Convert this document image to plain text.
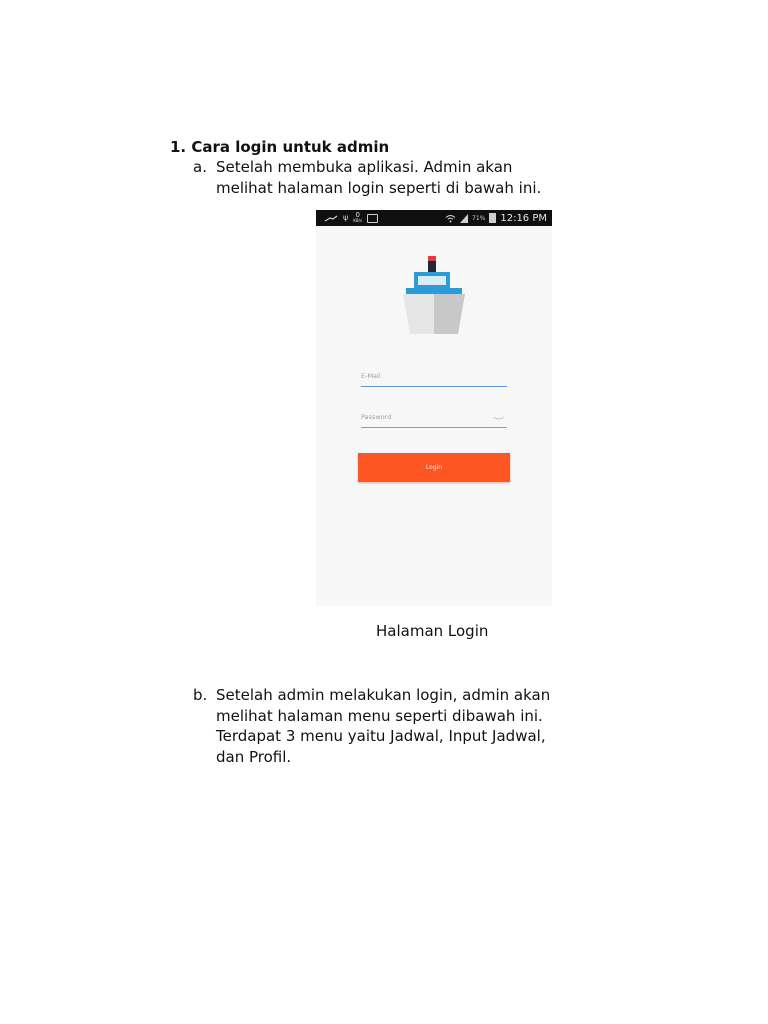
1. Cara login untuk admin
a. Setelah membuka aplikasi. Admin akan
melihat halaman login seperti di bawah ini.
ψ 0
KB/s	71% 12:16 PM
E-Mail
Login
Halaman Login
b. Setelah admin melakukan login, admin akan
melihat halaman menu seperti dibawah ini.
Terdapat 3 menu yaitu Jadwal, Input Jadwal,
dan Profil.
